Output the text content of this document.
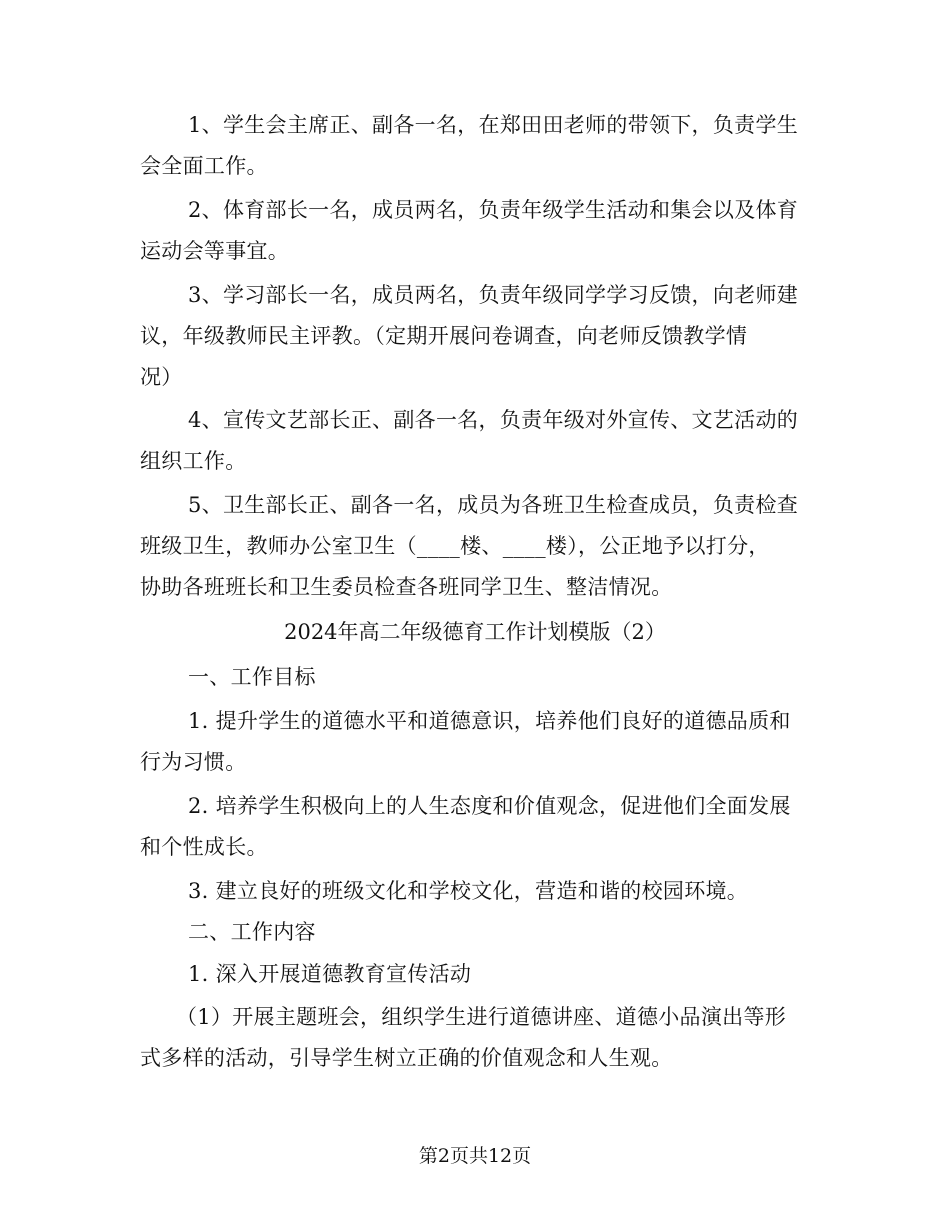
1、学生会主席正、副各一名，在郑田田老师的带领下，负责学生
会全面工作。
2、体育部长一名，成员两名，负责年级学生活动和集会以及体育
运动会等事宜。
3、学习部长一名，成员两名，负责年级同学学习反馈，向老师建
议，年级教师民主评教。（定期开展问卷调查，向老师反馈教学情
况）
4、宣传文艺部长正、副各一名，负责年级对外宣传、文艺活动的
组织工作。
5、卫生部长正、副各一名，成员为各班卫生检查成员，负责检查
班级卫生，教师办公室卫生（____楼、____楼），公正地予以打分，
协助各班班长和卫生委员检查各班同学卫生、整洁情况。
2024年高二年级德育工作计划模版（2）
一、工作目标
1. 提升学生的道德水平和道德意识，培养他们良好的道德品质和
行为习惯。
2. 培养学生积极向上的人生态度和价值观念，促进他们全面发展
和个性成长。
3. 建立良好的班级文化和学校文化，营造和谐的校园环境。
二、工作内容
1. 深入开展道德教育宣传活动
（1）开展主题班会，组织学生进行道德讲座、道德小品演出等形
式多样的活动，引导学生树立正确的价值观念和人生观。
第2页共12页
